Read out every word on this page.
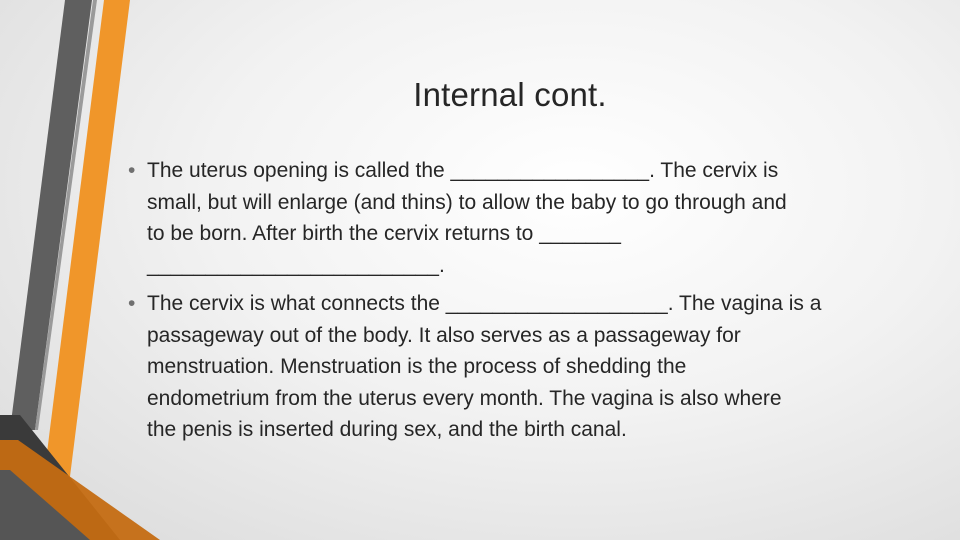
Internal cont.
• The uterus opening is called the _________________. The cervix is
small, but will enlarge (and thins) to allow the baby to go through and
to be born. After birth the cervix returns to _______
_________________________.
• The cervix is what connects the ___________________. The vagina is a
passageway out of the body. It also serves as a passageway for
menstruation. Menstruation is the process of shedding the
endometrium from the uterus every month. The vagina is also where
the penis is inserted during sex, and the birth canal.
